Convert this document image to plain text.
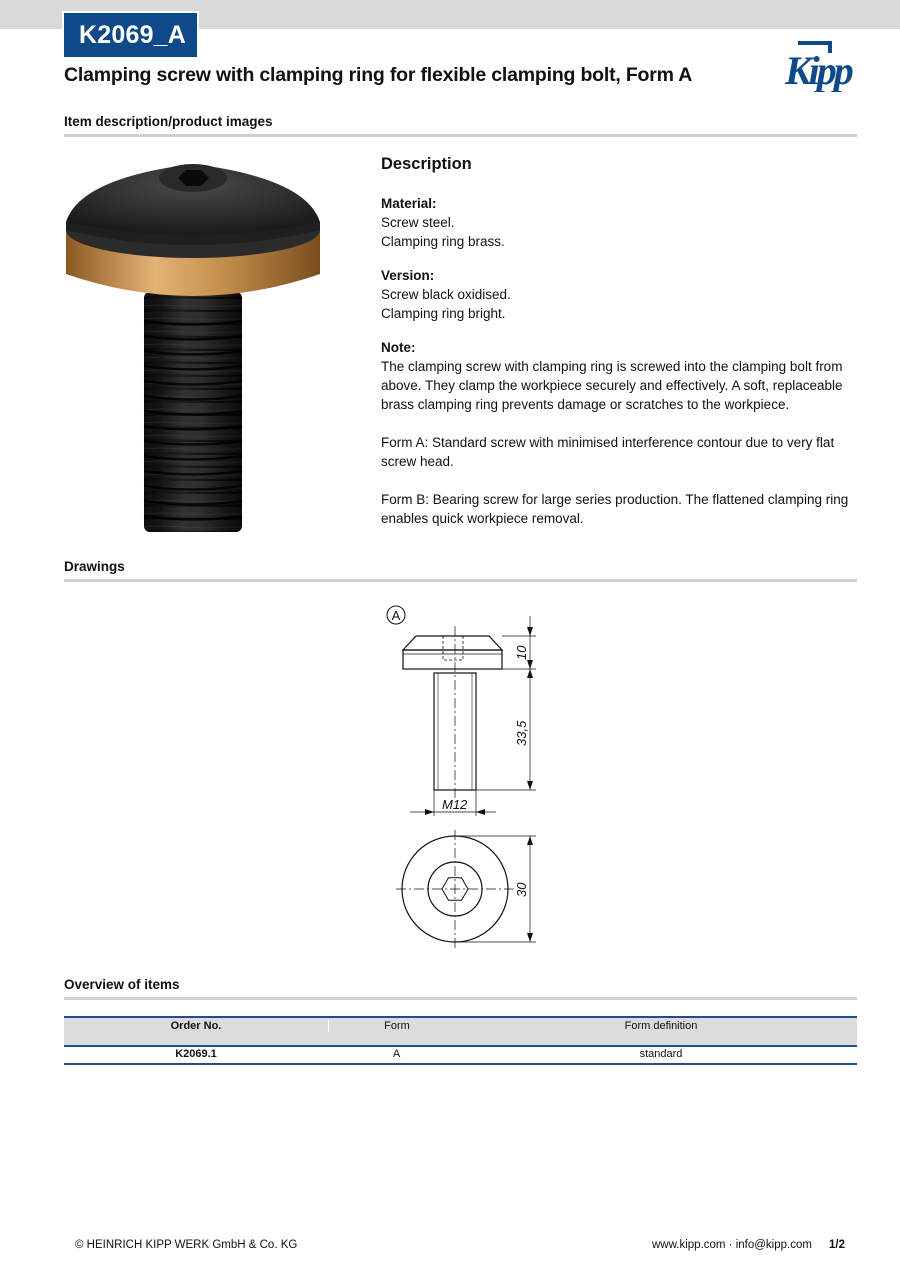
K2069_A
Clamping screw with clamping ring for flexible clamping bolt, Form A Kipp
Item description/product images
Description

Material:

Screw steel.

Clamping ring brass.

Version:

Screw black oxidised.

Clamping ring bright.

Note:

The clamping screw with clamping ring is screwed into the clamping bolt from above. They clamp the workpiece securely and effectively. A soft, replaceable brass clamping ring prevents damage or scratches to the workpiece.

Form A: Standard screw with minimised interference contour due to very flat screw head.

Form B: Bearing screw for large series production. The flattened clamping ring enables quick workpiece removal.

Drawings
A
10
33,5
M12
30
Overview of items
Order No.	Form	Form definition
K2069.1	A	standard
© HEINRICH KIPP WERK GmbH & Co. KG	www.kipp.com · info@kipp.com 1/2
